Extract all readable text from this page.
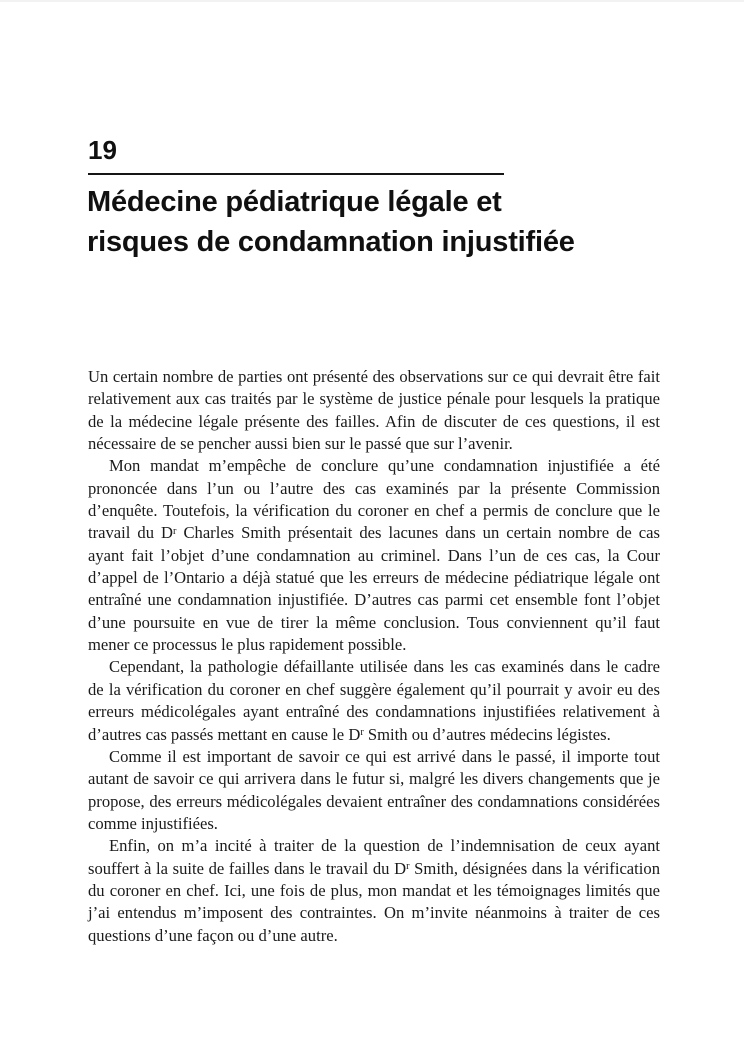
19
Médecine pédiatrique légale et
risques de condamnation injustifiée

Un certain nombre de parties ont présenté des observations sur ce qui devrait être fait relativement aux cas traités par le système de justice pénale pour lesquels la pratique de la médecine légale présente des failles. Afin de discuter de ces questions, il est nécessaire de se pencher aussi bien sur le passé que sur l’avenir.

Mon mandat m’empêche de conclure qu’une condamnation injustifiée a été prononcée dans l’un ou l’autre des cas examinés par la présente Commission d’enquête. Toutefois, la vérification du coroner en chef a permis de conclure que le travail du $D^r$ Charles Smith présentait des lacunes dans un certain nombre de cas ayant fait l’objet d’une condamnation au criminel. Dans l’un de ces cas, la Cour d’appel de l’Ontario a déjà statué que les erreurs de médecine pédiatrique légale ont entraîné une condamnation injustifiée. D’autres cas parmi cet ensemble font l’objet d’une poursuite en vue de tirer la même conclusion. Tous conviennent qu’il faut mener ce processus le plus rapidement possible.

Cependant, la pathologie défaillante utilisée dans les cas examinés dans le cadre de la vérification du coroner en chef suggère également qu’il pourrait y avoir eu des erreurs médicolégales ayant entraîné des condamnations injustifiées relativement à d’autres cas passés mettant en cause le $D^r$ Smith ou d’autres médecins légistes.

Comme il est important de savoir ce qui est arrivé dans le passé, il importe tout autant de savoir ce qui arrivera dans le futur si, malgré les divers changements que je propose, des erreurs médicolégales devaient entraîner des condamnations considérées comme injustifiées.

Enfin, on m’a incité à traiter de la question de l’indemnisation de ceux ayant souffert à la suite de failles dans le travail du $D^r$ Smith, désignées dans la vérification du coroner en chef. Ici, une fois de plus, mon mandat et les témoignages limités que j’ai entendus m’imposent des contraintes. On m’invite néanmoins à traiter de ces questions d’une façon ou d’une autre.
